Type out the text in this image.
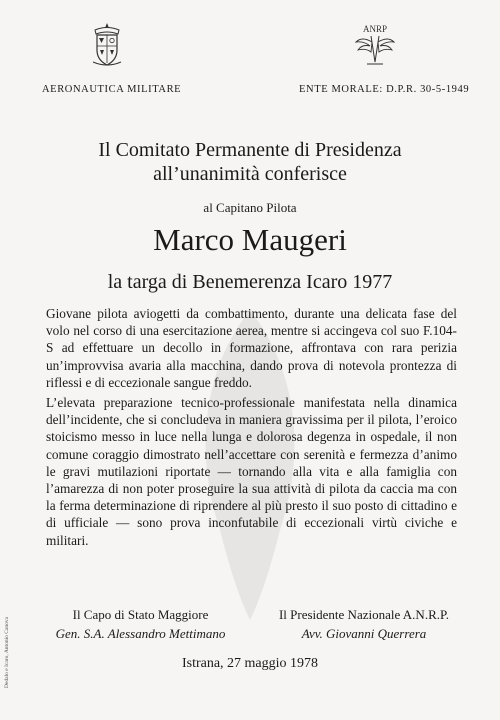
ANRP
AERONAUTICA MILITARE	ENTE MORALE: D.P.R. 30-5-1949
Il Comitato Permanente di Presidenza
all’unanimità conferisce
al Capitano Pilota
Marco Maugeri
la targa di Benemerenza Icaro 1977

Giovane pilota aviogetti da combattimento, durante una delicata fase del volo nel corso di una esercitazione aerea, mentre si accingeva col suo F.104-S ad effettuare un decollo in formazione, affrontava con rara perizia un’improvvisa avaria alla macchina, dando prova di notevola prontezza di riflessi e di eccezionale sangue freddo.

L’elevata preparazione tecnico-professionale manifestata nella dinamica dell’incidente, che si concludeva in maniera gravissima per il pilota, l’eroico stoicismo messo in luce nella lunga e dolorosa degenza in ospedale, il non comune coraggio dimostrato nell’accettare con serenità e fermezza d’animo le gravi mutilazioni riportate — tornando alla vita e alla famiglia con l’amarezza di non poter proseguire la sua attività di pilota da caccia ma con la ferma determinazione di riprendere al più presto il suo posto di cittadino e di ufficiale — sono prova inconfutabile di eccezionali virtù civiche e militari.

Il Capo di Stato Maggiore
Gen. S.A. Alessandro Mettimano
Il Presidente Nazionale A.N.R.P.
Avv. Giovanni Querrera
Istrana, 27 maggio 1978
Dedalo e Icaro, Antonio Canova
